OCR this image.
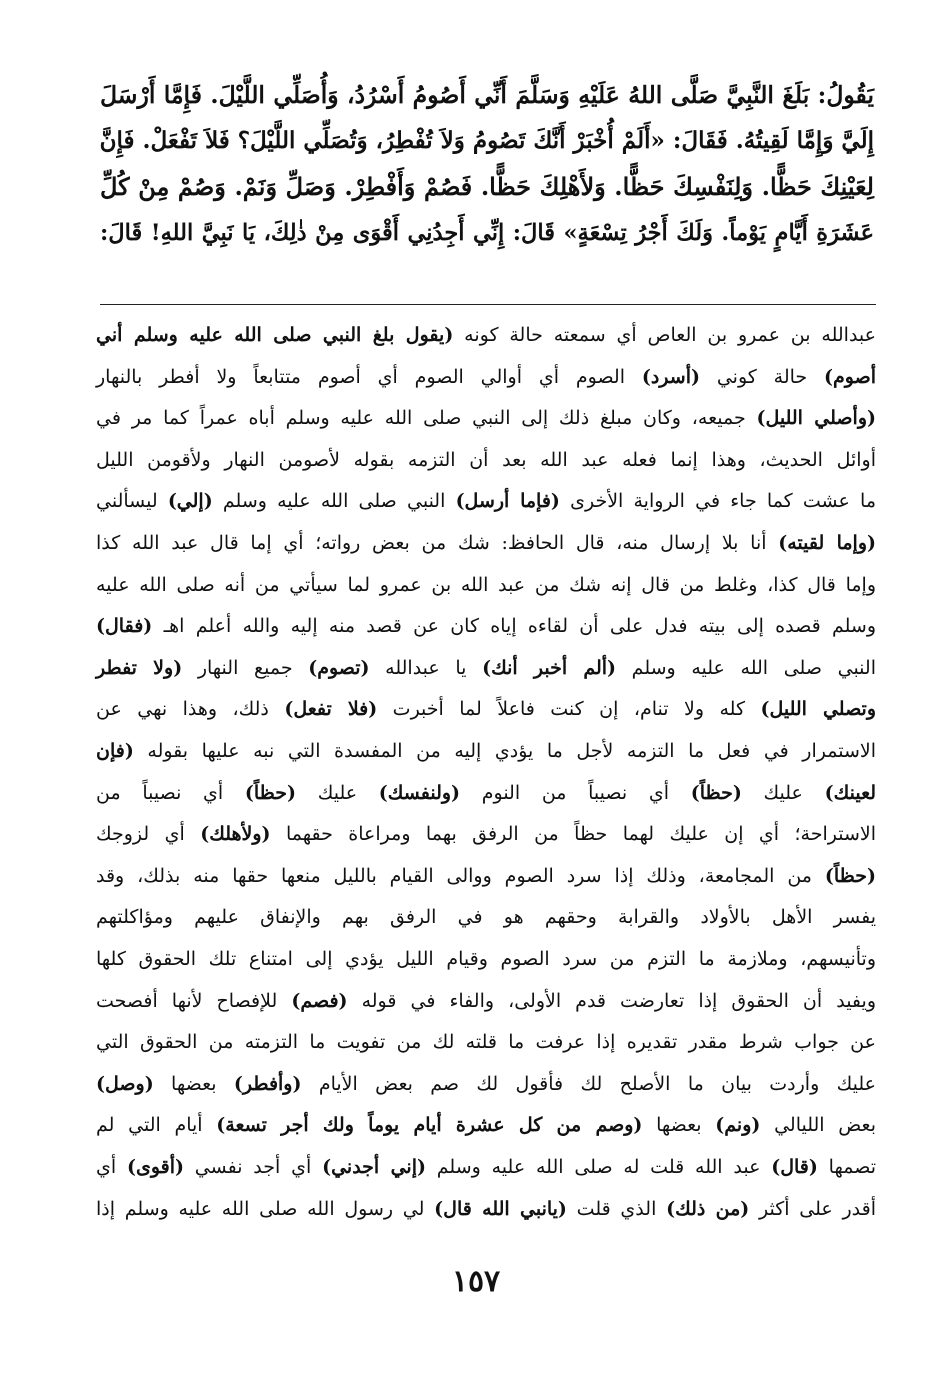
يَقُولُ: بَلَغَ النَّبِيَّ صَلَّى اللهُ عَلَيْهِ وَسَلَّمَ أَنِّي أَصُومُ أَسْرُدُ، وَأُصَلِّي اللَّيْلَ. فَإِمَّا أَرْسَلَ
إِلَيَّ وَإِمَّا لَقِيتُهُ. فَقَالَ: «أَلَمْ أُخْبَرْ أَنَّكَ تَصُومُ وَلاَ تُفْطِرُ، وَتُصَلِّي اللَّيْلَ؟ فَلاَ تَفْعَلْ. فَإِنَّ
لِعَيْنِكَ حَظًّا. وَلِنَفْسِكَ حَظًّا. وَلأَهْلِكَ حَظًّا. فَصُمْ وَأَفْطِرْ. وَصَلِّ وَنَمْ. وَصُمْ مِنْ كُلِّ
عَشَرَةِ أَيَّامٍ يَوْماً. وَلَكَ أَجْرُ تِسْعَةٍ» قَالَ: إِنِّي أَجِدُنِي أَقْوَى مِنْ ذٰلِكَ، يَا نَبِيَّ اللهِ! قَالَ:
عبدالله بن عمرو بن العاص أي سمعته حالة كونه (يقول بلغ النبي صلى الله عليه وسلم أني
أصوم) حالة كوني (أسرد) الصوم أي أوالي الصوم أي أصوم متتابعاً ولا أفطر بالنهار
(وأصلي الليل) جميعه، وكان مبلغ ذلك إلى النبي صلى الله عليه وسلم أباه عمراً كما مر في
أوائل الحديث، وهذا إنما فعله عبد الله بعد أن التزمه بقوله لأصومن النهار ولأقومن الليل
ما عشت كما جاء في الرواية الأخرى (فإما أرسل) النبي صلى الله عليه وسلم (إلي) ليسألني
(وإما لقيته) أنا بلا إرسال منه، قال الحافظ: شك من بعض رواته؛ أي إما قال عبد الله كذا
وإما قال كذا، وغلط من قال إنه شك من عبد الله بن عمرو لما سيأتي من أنه صلى الله عليه
وسلم قصده إلى بيته فدل على أن لقاءه إياه كان عن قصد منه إليه والله أعلم اهـ (فقال)
النبي صلى الله عليه وسلم (ألم أخبر أنك) يا عبدالله (تصوم) جميع النهار (ولا تفطر
وتصلي الليل) كله ولا تنام، إن كنت فاعلاً لما أخبرت (فلا تفعل) ذلك، وهذا نهي عن
الاستمرار في فعل ما التزمه لأجل ما يؤدي إليه من المفسدة التي نبه عليها بقوله (فإن
لعينك) عليك (حظاً) أي نصيباً من النوم (ولنفسك) عليك (حظاً) أي نصيباً من
الاستراحة؛ أي إن عليك لهما حظاً من الرفق بهما ومراعاة حقهما (ولأهلك) أي لزوجك
(حظاً) من المجامعة، وذلك إذا سرد الصوم ووالى القيام بالليل منعها حقها منه بذلك، وقد
يفسر الأهل بالأولاد والقرابة وحقهم هو في الرفق بهم والإنفاق عليهم ومؤاكلتهم
وتأنيسهم، وملازمة ما التزم من سرد الصوم وقيام الليل يؤدي إلى امتناع تلك الحقوق كلها
ويفيد أن الحقوق إذا تعارضت قدم الأولى، والفاء في قوله (فصم) للإفصاح لأنها أفصحت
عن جواب شرط مقدر تقديره إذا عرفت ما قلته لك من تفويت ما التزمته من الحقوق التي
عليك وأردت بيان ما الأصلح لك فأقول لك صم بعض الأيام (وأفطر) بعضها (وصل)
بعض الليالي (ونم) بعضها (وصم من كل عشرة أيام يوماً ولك أجر تسعة) أيام التي لم
تصمها (قال) عبد الله قلت له صلى الله عليه وسلم (إني أجدني) أي أجد نفسي (أقوى) أي
أقدر على أكثر (من ذلك) الذي قلت (يانبي الله قال) لي رسول الله صلى الله عليه وسلم إذا
١٥٧
